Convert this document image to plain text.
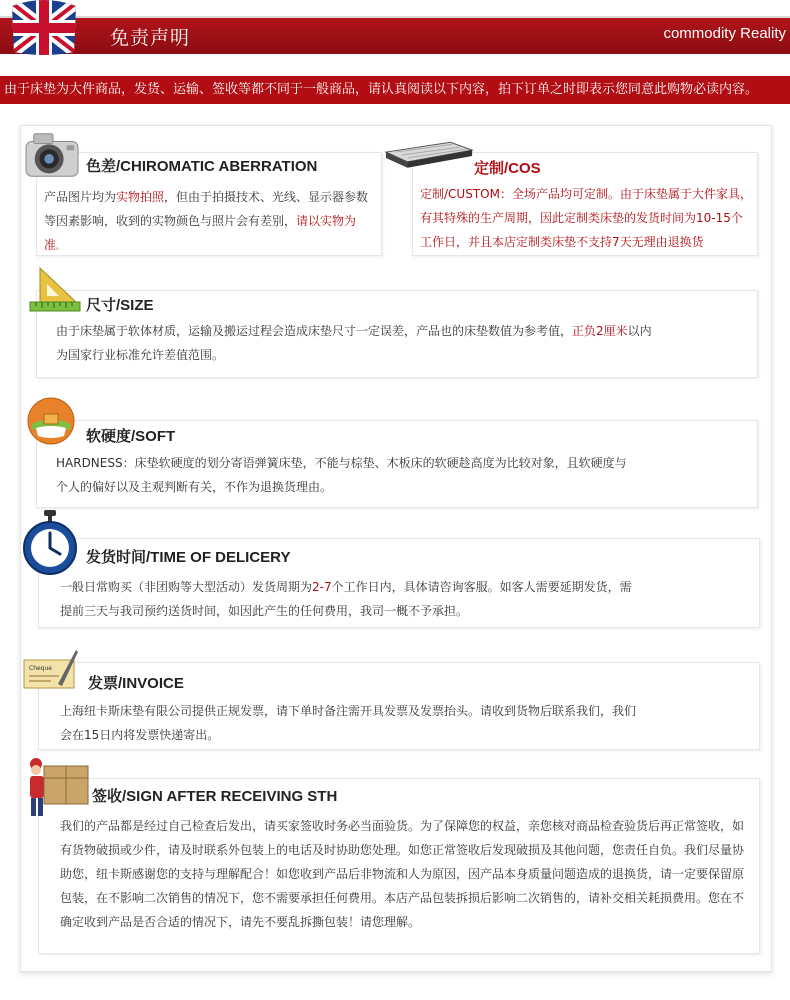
免责声明	commodity Reality
由于床垫为大件商品，发货、运输、签收等都不同于一般商品，请认真阅读以下内容，拍下订单之时即表示您同意此购物必读内容。
色差/CHIROMATIC ABERRATION
产品图片均为实物拍照，但由于拍摄技术、光线、显示器参数等因素影响，收到的实物颜色与照片会有差别，请以实物为准。
定制/COS
定制/CUSTOM：全场产品均可定制。由于床垫属于大件家具，有其特殊的生产周期，因此定制类床垫的发货时间为10-15个工作日，并且本店定制类床垫不支持7天无理由退换货
尺寸/SIZE
由于床垫属于软体材质，运输及搬运过程会造成床垫尺寸一定误差，产品也的床垫数值为参考值，正负2厘米以内为国家行业标准允许差值范围。
软硬度/SOFT
HARDNESS：床垫软硬度的划分寄语弹簧床垫，不能与棕垫、木板床的软硬趁高度为比较对象，且软硬度与个人的偏好以及主观判断有关，不作为退换货理由。
发货时间/TIME OF DELICERY
一般日常购买（非团购等大型活动）发货周期为2-7个工作日内，具体请咨询客服。如客人需要延期发货，需提前三天与我司预约送货时间，如因此产生的任何费用，我司一概不予承担。
Cheque
发票/INVOICE
上海纽卡斯床垫有限公司提供正规发票，请下单时备注需开具发票及发票抬头。请收到货物后联系我们，我们会在15日内将发票快递寄出。
签收/SIGN AFTER RECEIVING STH
我们的产品都是经过自己检查后发出，请买家签收时务必当面验货。为了保障您的权益，亲您核对商品检查验货后再正常签收，如有货物破损或少件，请及时联系外包装上的电话及时协助您处理。如您正常签收后发现破损及其他问题，您责任自负。我们尽量协助您，纽卡斯感谢您的支持与理解配合！如您收到产品后非物流和人为原因，因产品本身质量问题造成的退换货，请一定要保留原包装，在不影响二次销售的情况下，您不需要承担任何费用。本店产品包装拆损后影响二次销售的，请补交相关耗损费用。您在不确定收到产品是否合适的情况下，请先不要乱拆撕包装！请您理解。
